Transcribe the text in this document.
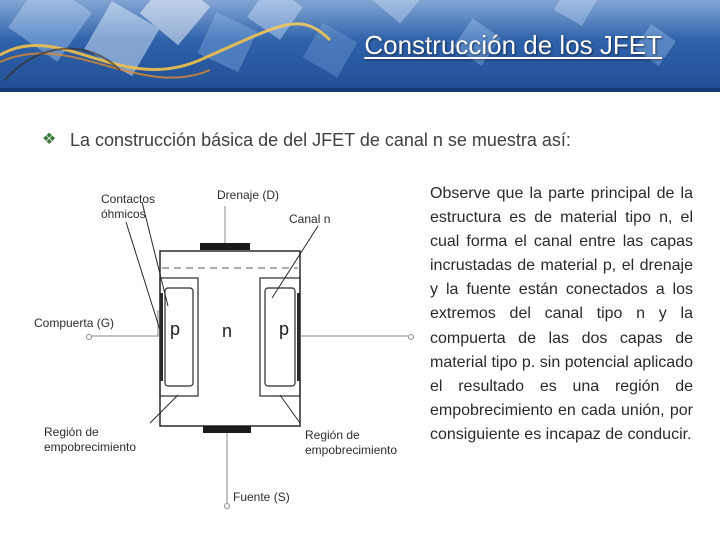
Construcción de los JFET
❖ La construcción básica de del JFET de canal n se muestra así:
Contactos
óhmicos
Drenaje (D)
Canal n
Compuerta (G)
Región de
empobrecimiento
Región de
empobrecimiento
Fuente (S)
p n	p
Observe que la parte principal de la estructura es de material tipo n, el cual forma el canal entre las capas incrustadas de material p, el drenaje y la fuente están conectados a los extremos del canal tipo n y la compuerta de las dos capas de material tipo p. sin potencial aplicado el resultado es una región de empobrecimiento en cada unión, por consiguiente es incapaz de conducir.
